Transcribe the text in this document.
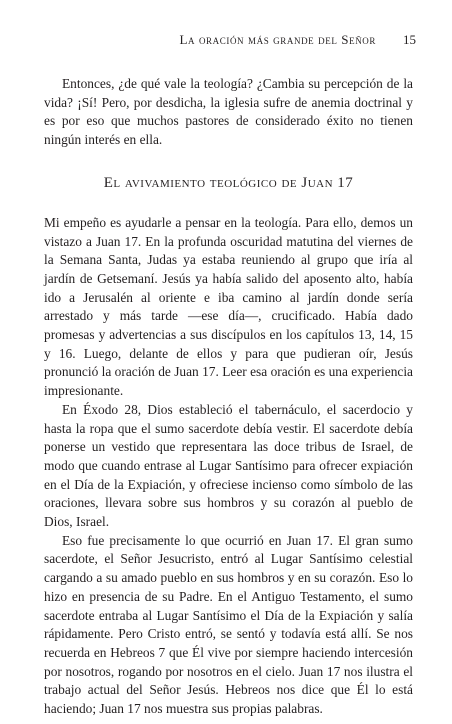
La oración más grande del Señor 15

Entonces, ¿de qué vale la teología? ¿Cambia su percepción de la vida? ¡Sí! Pero, por desdicha, la iglesia sufre de anemia doctrinal y es por eso que muchos pastores de considerado éxito no tienen ningún interés en ella.

El avivamiento teológico de Juan 17

Mi empeño es ayudarle a pensar en la teología. Para ello, demos un vistazo a Juan 17. En la profunda oscuridad matutina del viernes de la Semana Santa, Judas ya estaba reuniendo al grupo que iría al jardín de Getsemaní. Jesús ya había salido del aposento alto, había ido a Jerusalén al oriente e iba camino al jardín donde sería arrestado y más tarde —ese día—, crucificado. Había dado promesas y advertencias a sus discípulos en los capítulos 13, 14, 15 y 16. Luego, delante de ellos y para que pudieran oír, Jesús pronunció la oración de Juan 17. Leer esa oración es una experiencia impresionante.

En Éxodo 28, Dios estableció el tabernáculo, el sacerdocio y hasta la ropa que el sumo sacerdote debía vestir. El sacerdote debía ponerse un vestido que representara las doce tribus de Israel, de modo que cuando entrase al Lugar Santísimo para ofrecer expiación en el Día de la Expiación, y ofreciese incienso como símbolo de las oraciones, llevara sobre sus hombros y su corazón al pueblo de Dios, Israel.

Eso fue precisamente lo que ocurrió en Juan 17. El gran sumo sacerdote, el Señor Jesucristo, entró al Lugar Santísimo celestial cargando a su amado pueblo en sus hombros y en su corazón. Eso lo hizo en presencia de su Padre. En el Antiguo Testamento, el sumo sacerdote entraba al Lugar Santísimo el Día de la Expiación y salía rápidamente. Pero Cristo entró, se sentó y todavía está allí. Se nos recuerda en Hebreos 7 que Él vive por siempre haciendo intercesión por nosotros, rogando por nosotros en el cielo. Juan 17 nos ilustra el trabajo actual del Señor Jesús. Hebreos nos dice que Él lo está haciendo; Juan 17 nos muestra sus propias palabras.
